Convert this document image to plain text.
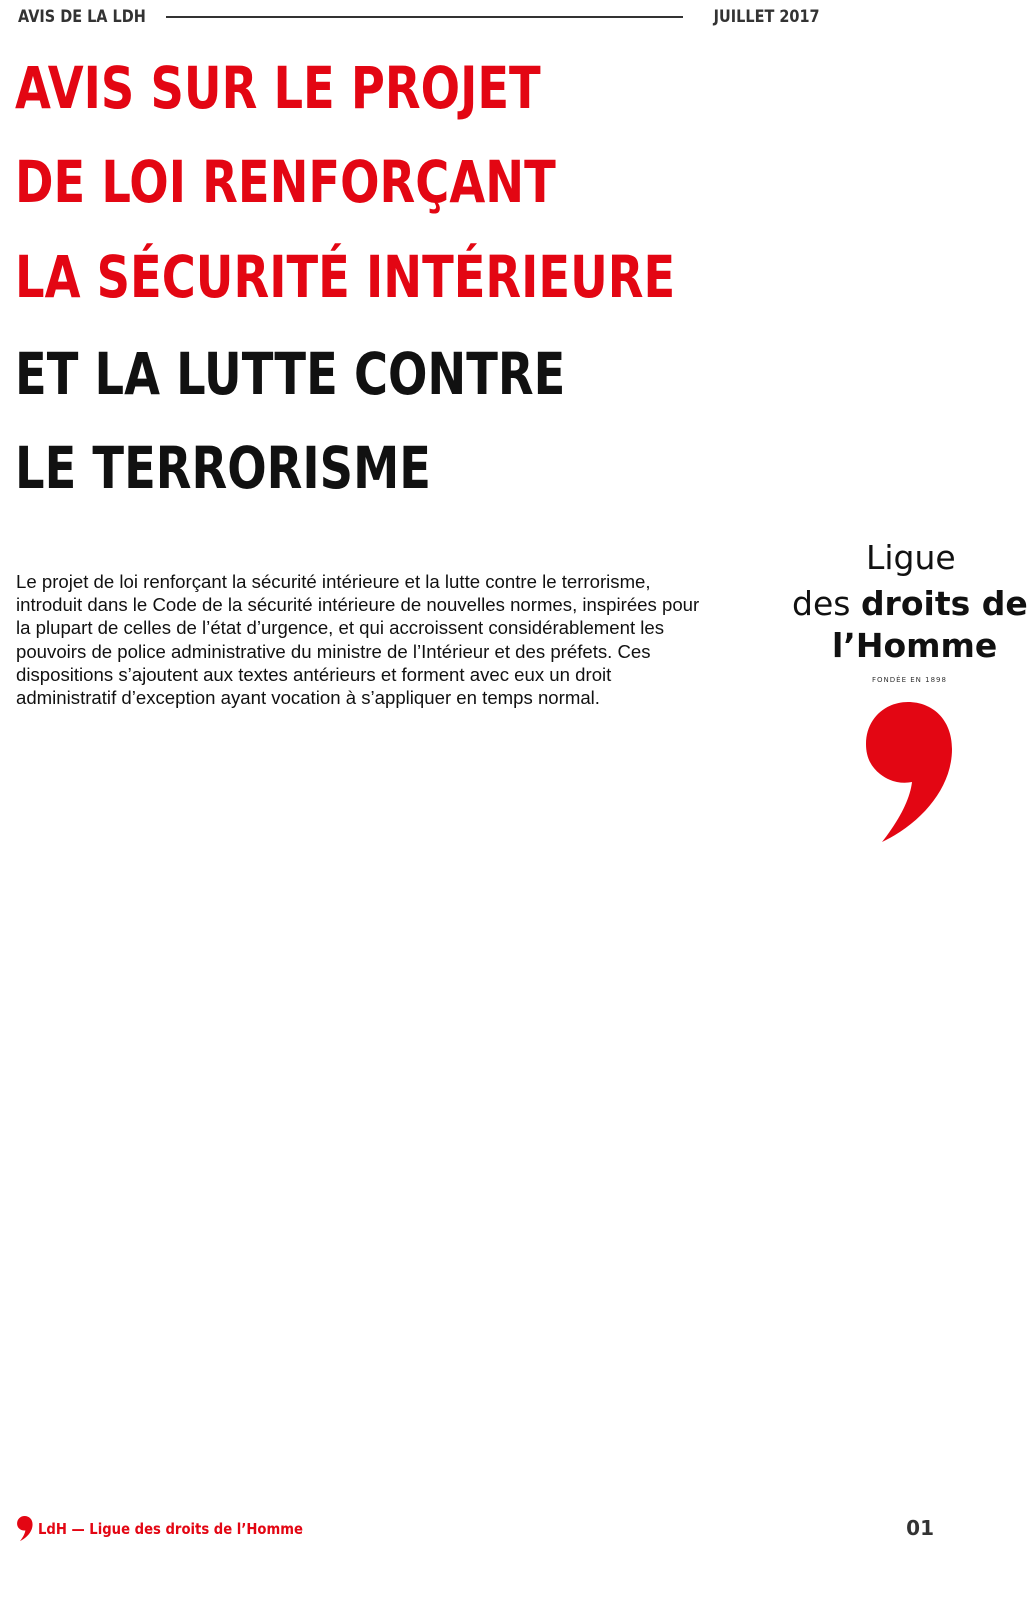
AVIS DE LA LDH	JUILLET 2017
AVIS SUR LE PROJET
DE LOI RENFORÇANT
LA SÉCURITÉ INTÉRIEURE
ET LA LUTTE CONTRE
LE TERRORISME
Ligue
des droits de
l’Homme
FONDÉE EN 1898

Le projet de loi renforçant la sécurité intérieure et la lutte contre le terrorisme, introduit dans le Code de la sécurité intérieure de nouvelles normes, inspirées pour la plupart de celles de l’état d’urgence, et qui accroissent considérablement les pouvoirs de police administrative du ministre de l’Intérieur et des préfets. Ces dispositions s’ajoutent aux textes antérieurs et forment avec eux un droit administratif d’exception ayant vocation à s’appliquer en temps normal.

LdH — Ligue des droits de l’Homme	01
